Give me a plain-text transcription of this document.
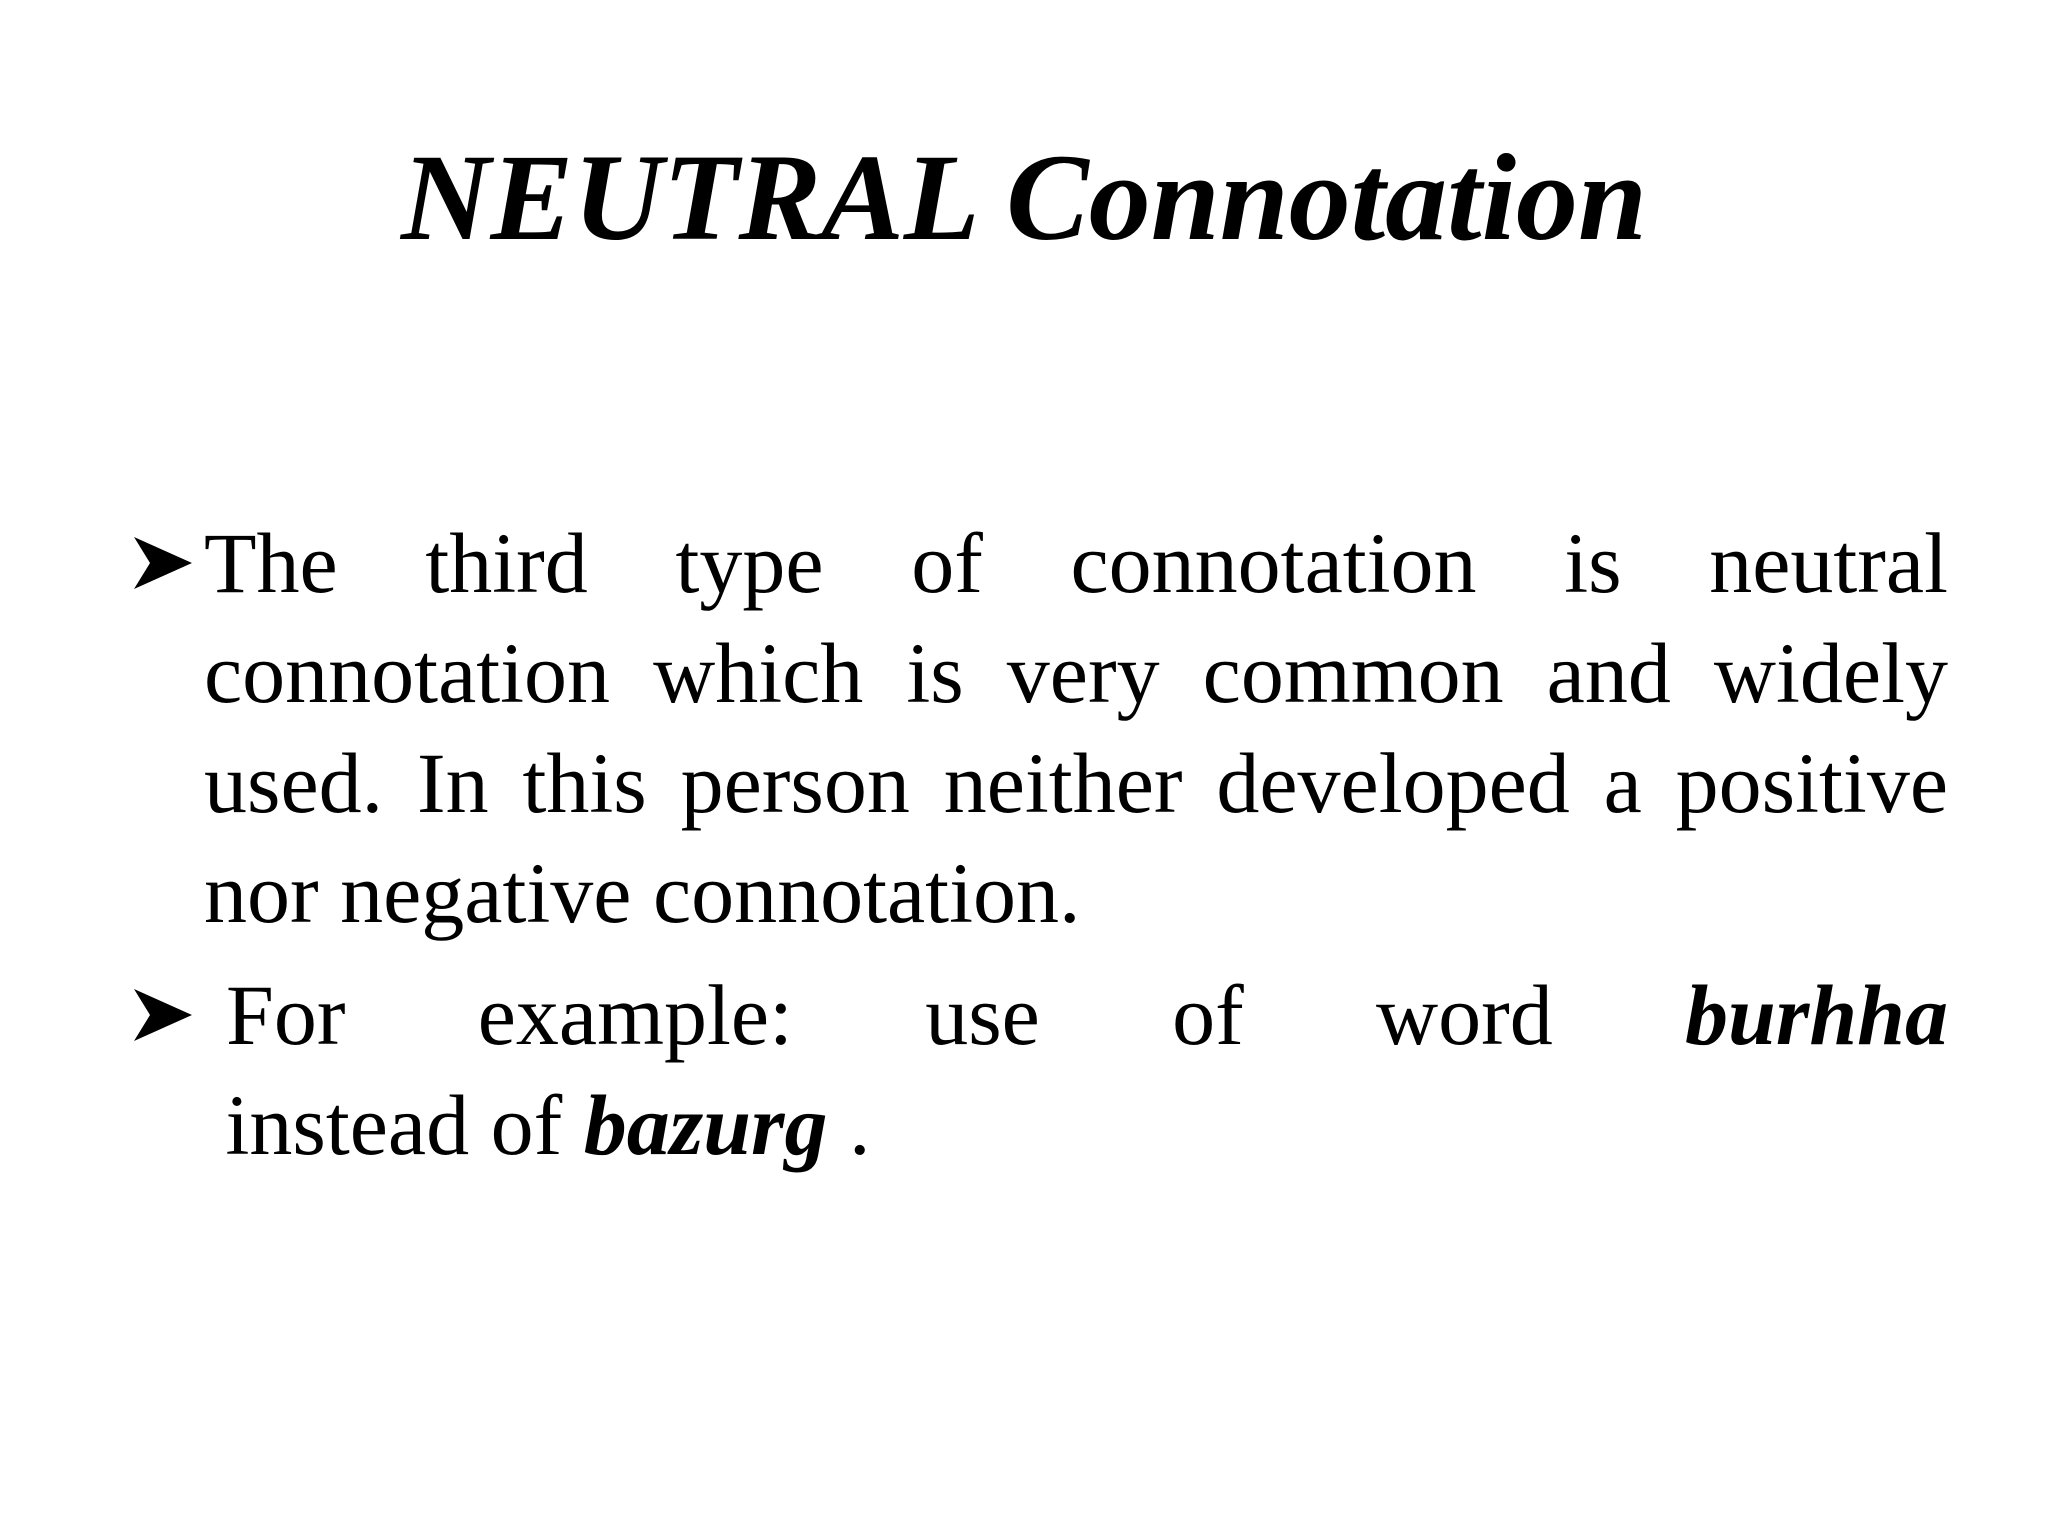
NEUTRAL Connotation
The third type of connotation is neutral connotation which is very common and widely used. In this person neither developed a positive nor negative connotation.
For example: use of word burhha instead of bazurg .
